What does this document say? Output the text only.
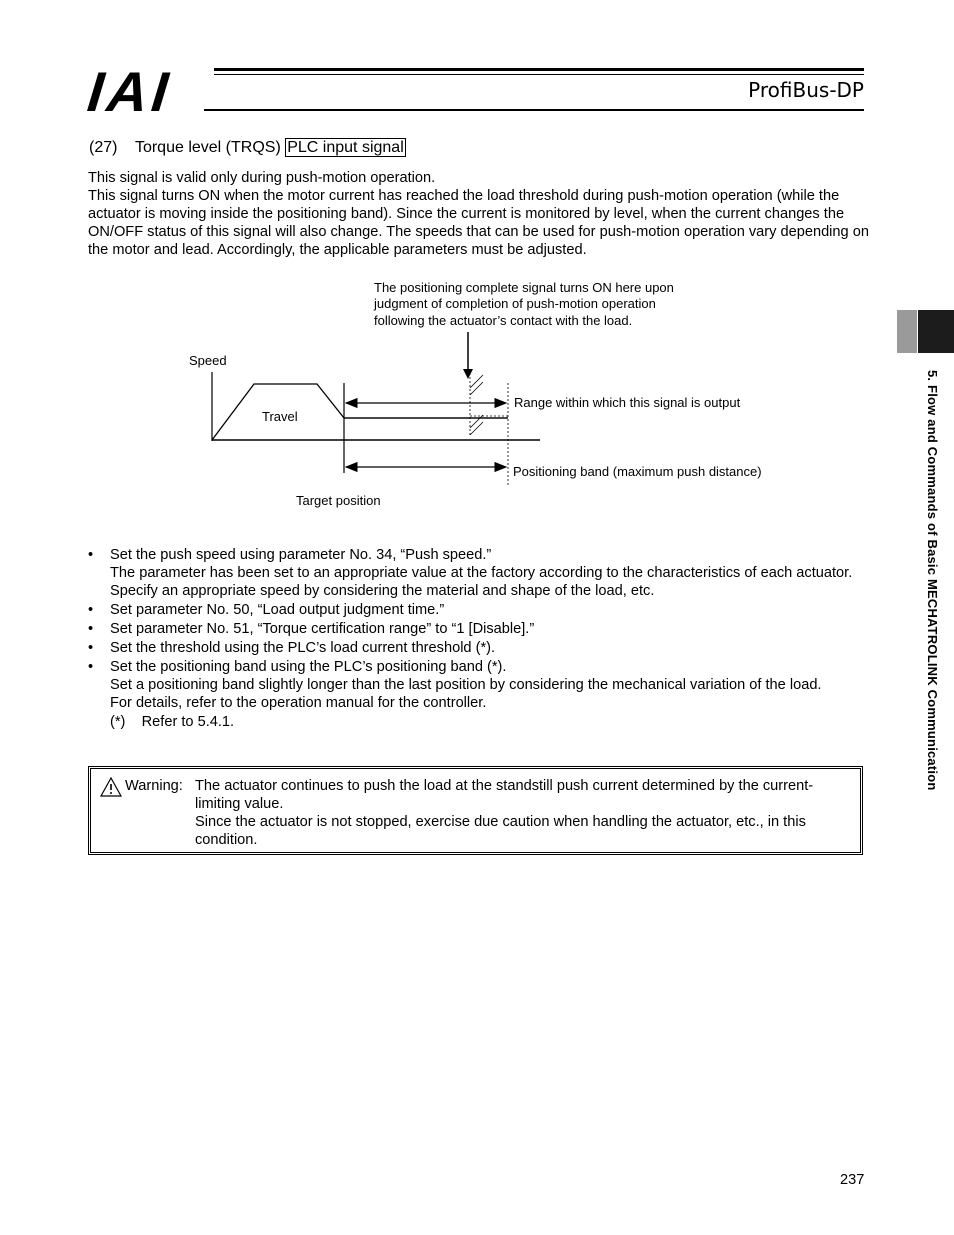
IAI	ProfiBus-DP
(27) Torque level (TRQS) PLC input signal

This signal is valid only during push-motion operation.

This signal turns ON when the motor current has reached the load threshold during push-motion operation (while the actuator is moving inside the positioning band). Since the current is monitored by level, when the current changes the ON/OFF status of this signal will also change. The speeds that can be used for push-motion operation vary depending on the motor and lead. Accordingly, the applicable parameters must be adjusted.

The positioning complete signal turns ON here upon
judgment of completion of push-motion operation
following the actuator’s contact with the load.
Speed
Travel
Target position
Range within which this signal is output
Positioning band (maximum push distance)
• Set the push speed using parameter No. 34, “Push speed.”
The parameter has been set to an appropriate value at the factory according to the characteristics of each actuator.
Specify an appropriate speed by considering the material and shape of the load, etc.
• Set parameter No. 50, “Load output judgment time.”
• Set parameter No. 51, “Torque certification range” to “1 [Disable].”
• Set the threshold using the PLC’s load current threshold (*).
• Set the positioning band using the PLC’s positioning band (*).
Set a positioning band slightly longer than the last position by considering the mechanical variation of the load.
For details, refer to the operation manual for the controller.
(*)    Refer to 5.4.1.
Warning: The actuator continues to push the load at the standstill push current determined by the current-limiting value.

Since the actuator is not stopped, exercise due caution when handling the actuator, etc., in this condition.

5. Flow and Commands of Basic MECHATROLINK Communication
237
